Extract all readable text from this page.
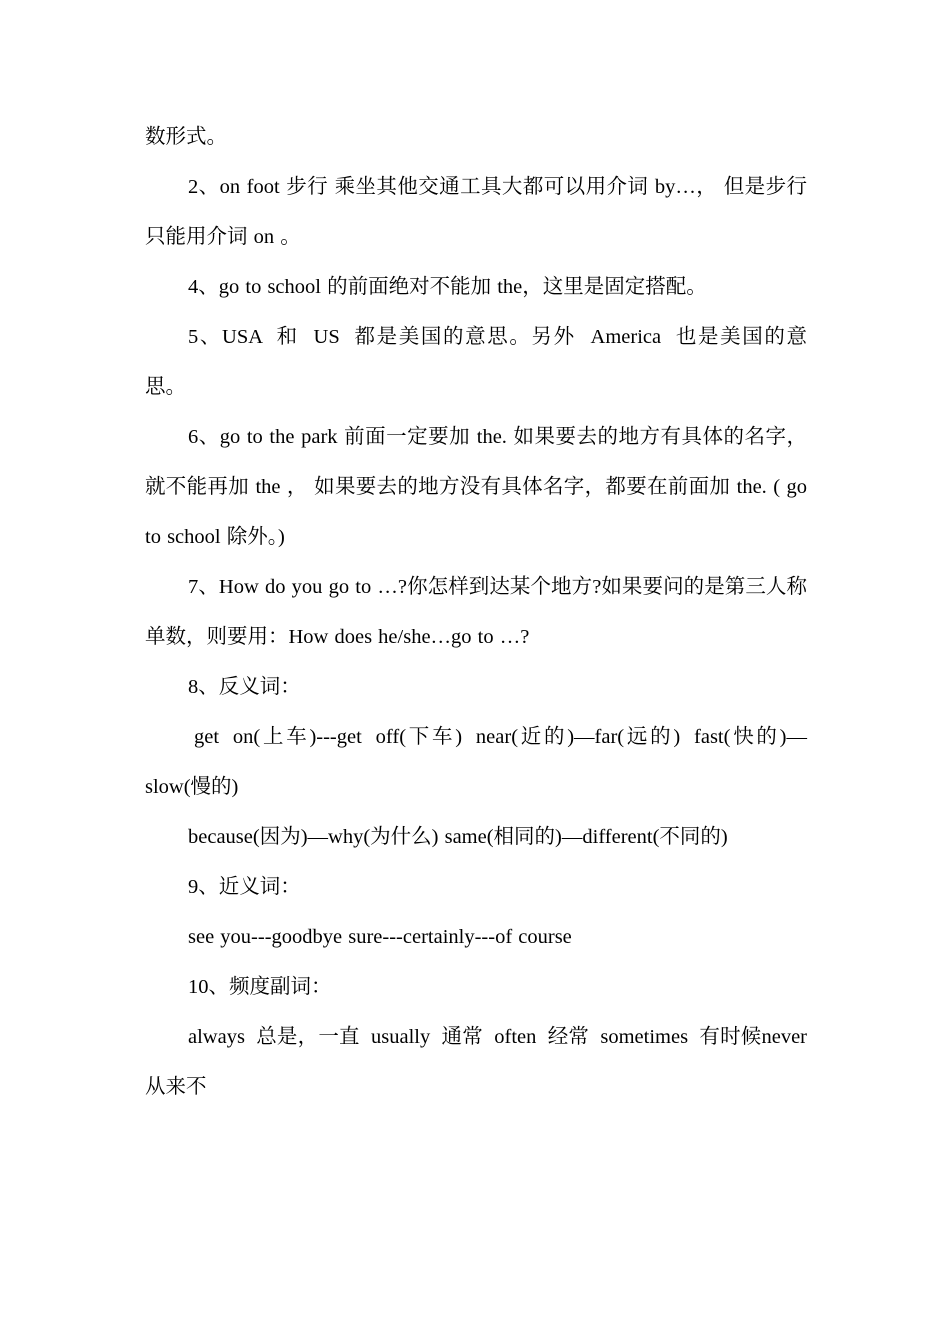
数形式。

2、on foot 步行 乘坐其他交通工具大都可以用介词 by…， 但是步行只能用介词 on 。

4、go to school 的前面绝对不能加 the，这里是固定搭配。

5、USA 和 US 都是美国的意思。另外 America 也是美国的意思。

6、go to the park 前面一定要加 the. 如果要去的地方有具体的名字，就不能再加 the ， 如果要去的地方没有具体名字，都要在前面加 the. ( go to school 除外。)

7、How do you go to …?你怎样到达某个地方?如果要问的是第三人称单数，则要用：How does he/she…go to …?

8、反义词：

get on(上车)---get off(下车) near(近的)—far(远的) fast(快的)—slow(慢的)

because(因为)—why(为什么) same(相同的)—different(不同的)

9、近义词：

see you---goodbye sure---certainly---of course

10、频度副词：

always 总是，一直 usually 通常 often 经常 sometimes 有时候never 从来不
